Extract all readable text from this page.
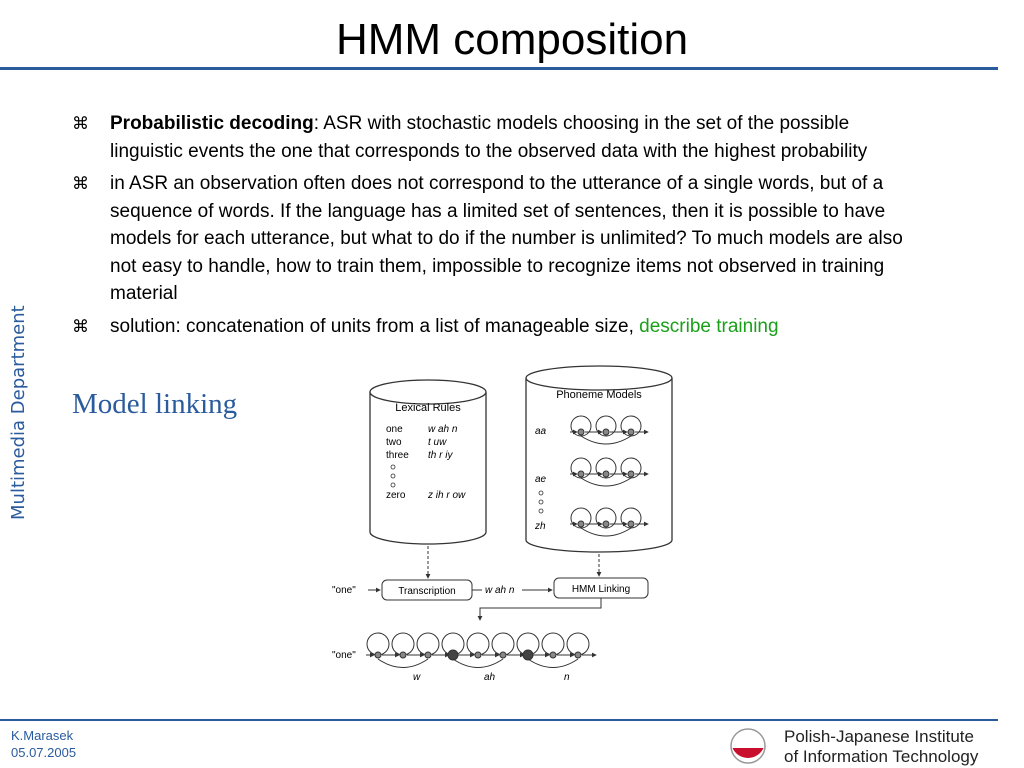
HMM composition
Multimedia Department
⌘ Probabilistic decoding: ASR with stochastic models choosing in the set of the possible linguistic events the one that corresponds to the observed data with the highest probability
⌘ in ASR an observation often does not correspond to the utterance of a single words, but of a sequence of words. If the language has a limited set of sentences, then it is possible to have models for each utterance, but what to do if the number is unlimited? To much models are also not easy to handle, how to train them, impossible to recognize items not observed in training material
⌘ solution: concatenation of units from a list of manageable size, describe training
Model linking	Lexical Rules
one	w ah n
two	t uw
three th r iy
zero z ih r ow
Phoneme Models
aa
ae
zh
"one"	Transcription	w ah n	HMM Linking
"one"
w	ah	n
K.Marasek
05.07.2005
Polish-Japanese Institute
of Information Technology
